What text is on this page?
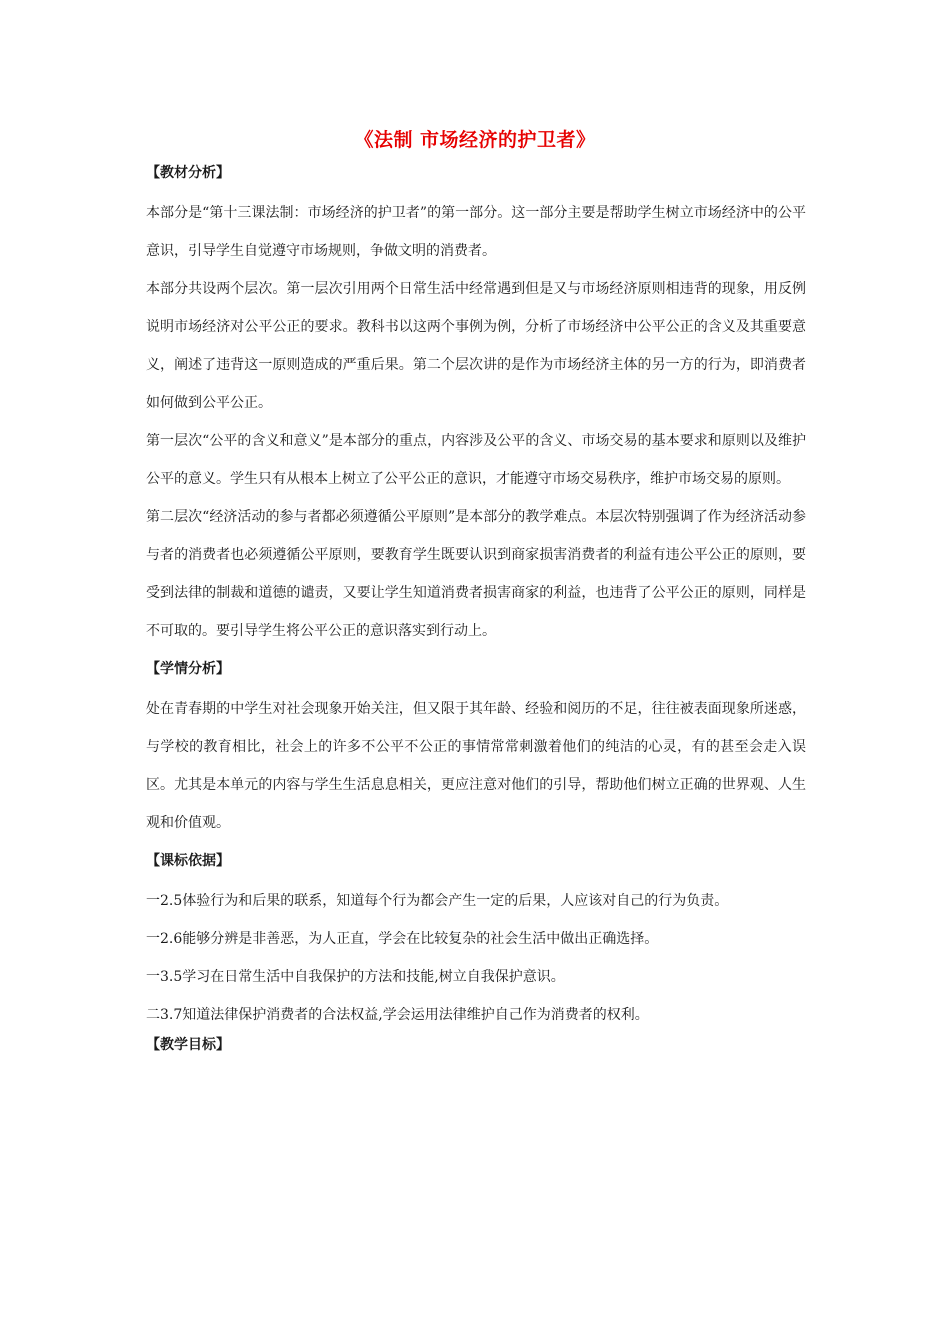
《法制 市场经济的护卫者》
【教材分析】

本部分是“第十三课法制：市场经济的护卫者”的第一部分。这一部分主要是帮助学生树立市场经济中的公平意识，引导学生自觉遵守市场规则，争做文明的消费者。

本部分共设两个层次。第一层次引用两个日常生活中经常遇到但是又与市场经济原则相违背的现象，用反例说明市场经济对公平公正的要求。教科书以这两个事例为例，分析了市场经济中公平公正的含义及其重要意义，阐述了违背这一原则造成的严重后果。第二个层次讲的是作为市场经济主体的另一方的行为，即消费者如何做到公平公正。

第一层次“公平的含义和意义”是本部分的重点，内容涉及公平的含义、市场交易的基本要求和原则以及维护公平的意义。学生只有从根本上树立了公平公正的意识，才能遵守市场交易秩序，维护市场交易的原则。

第二层次“经济活动的参与者都必须遵循公平原则”是本部分的教学难点。本层次特别强调了作为经济活动参与者的消费者也必须遵循公平原则，要教育学生既要认识到商家损害消费者的利益有违公平公正的原则，要受到法律的制裁和道德的谴责，又要让学生知道消费者损害商家的利益，也违背了公平公正的原则，同样是不可取的。要引导学生将公平公正的意识落实到行动上。

【学情分析】

处在青春期的中学生对社会现象开始关注，但又限于其年龄、经验和阅历的不足，往往被表面现象所迷惑，与学校的教育相比，社会上的许多不公平不公正的事情常常刺激着他们的纯洁的心灵，有的甚至会走入误区。尤其是本单元的内容与学生生活息息相关，更应注意对他们的引导，帮助他们树立正确的世界观、人生观和价值观。

【课标依据】

一2.5体验行为和后果的联系，知道每个行为都会产生一定的后果，人应该对自己的行为负责。

一2.6能够分辨是非善恶，为人正直，学会在比较复杂的社会生活中做出正确选择。

一3.5学习在日常生活中自我保护的方法和技能,树立自我保护意识。

二3.7知道法律保护消费者的合法权益,学会运用法律维护自己作为消费者的权利。

【教学目标】
